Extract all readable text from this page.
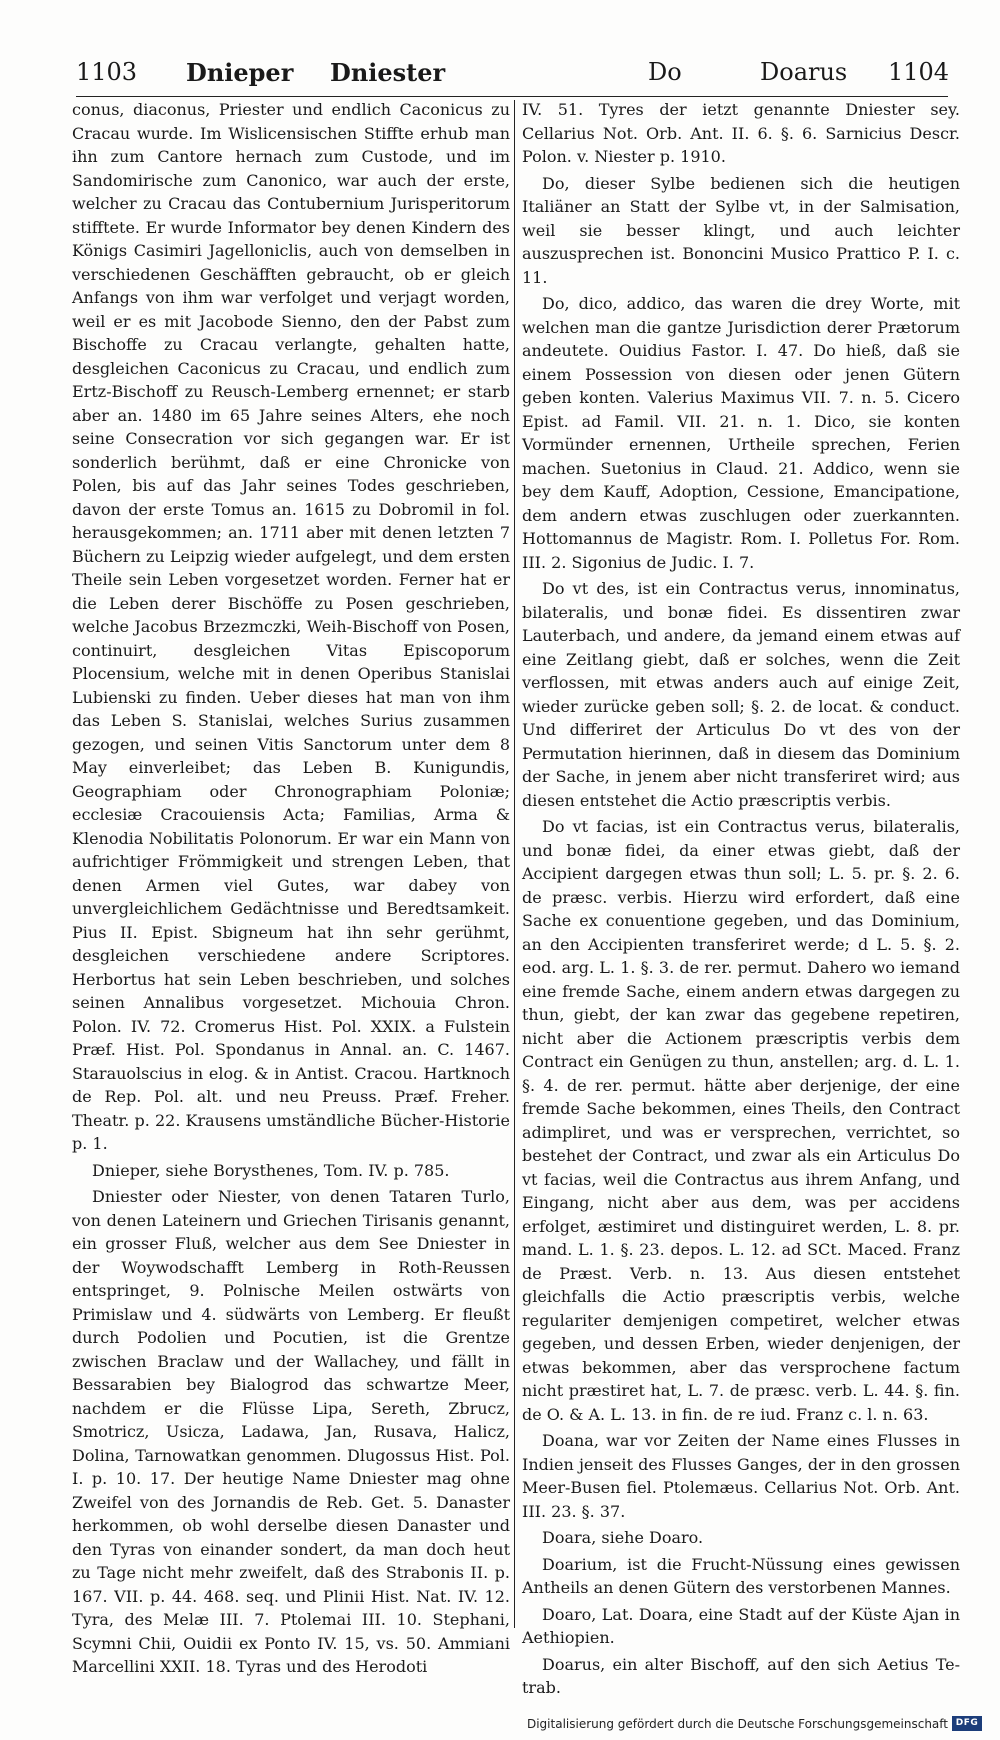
1103 Dnieper Dniester	Do	Doarus 1104

conus, diaconus, Priester und endlich Caconicus zu Cracau wurde. Im Wislicensischen Stiffte erhub man ihn zum Cantore hernach zum Custode, und im Sandomirische zum Canonico, war auch der erste, welcher zu Cracau das Contubernium Jurisperitorum stifftete. Er wurde Informator bey denen Kindern des Königs Casimiri Jagelloniclis, auch von demselben in verschiedenen Geschäfften gebraucht, ob er gleich Anfangs von ihm war verfolget und verjagt worden, weil er es mit Jacobode Sienno, den der Pabst zum Bischoffe zu Cracau verlangte, gehalten hatte, desgleichen Caconicus zu Cracau, und endlich zum Ertz-Bischoff zu Reusch-Lemberg ernennet; er starb aber an. 1480 im 65 Jahre seines Alters, ehe noch seine Consecration vor sich gegangen war. Er ist sonderlich berühmt, daß er eine Chronicke von Polen, bis auf das Jahr seines Todes geschrieben, davon der erste Tomus an. 1615 zu Dobromil in fol. herausgekommen; an. 1711 aber mit denen letzten 7 Büchern zu Leipzig wieder aufgelegt, und dem ersten Theile sein Leben vorgesetzet worden. Ferner hat er die Leben derer Bischöffe zu Posen geschrieben, welche Jacobus Brzezmczki, Weih-Bischoff von Posen, continuirt, desgleichen Vitas Episcoporum Plocensium, welche mit in denen Operibus Stanislai Lubienski zu finden. Ueber dieses hat man von ihm das Leben S. Stanislai, welches Surius zusammen gezogen, und seinen Vitis Sanctorum unter dem 8 May einverleibet; das Leben B. Kunigundis, Geographiam oder Chronographiam Poloniæ; ecclesiæ Cracouiensis Acta; Familias, Arma & Klenodia Nobilitatis Polonorum. Er war ein Mann von aufrichtiger Frömmigkeit und strengen Leben, that denen Armen viel Gutes, war dabey von unvergleichlichem Gedächtnisse und Beredtsamkeit. Pius II. Epist. Sbigneum hat ihn sehr gerühmt, desgleichen verschiedene andere Scriptores. Herbortus hat sein Leben beschrieben, und solches seinen Annalibus vorgesetzet. Michouia Chron. Polon. IV. 72. Cromerus Hist. Pol. XXIX. a Fulstein Præf. Hist. Pol. Spondanus in Annal. an. C. 1467. Starauolscius in elog. & in Antist. Cracou. Hartknoch de Rep. Pol. alt. und neu Preuss. Præf. Freher. Theatr. p. 22. Krausens umständliche Bücher-Historie p. 1.

Dnieper, siehe Borysthenes, Tom. IV. p. 785.

Dniester oder Niester, von denen Tataren Turlo, von denen Lateinern und Griechen Tirisanis genannt, ein grosser Fluß, welcher aus dem See Dniester in der Woywodschafft Lemberg in Roth-Reussen entspringet, 9. Polnische Meilen ostwärts von Primislaw und 4. südwärts von Lemberg. Er fleußt durch Podolien und Pocutien, ist die Grentze zwischen Braclaw und der Wallachey, und fällt in Bessarabien bey Bialogrod das schwartze Meer, nachdem er die Flüsse Lipa, Sereth, Zbrucz, Smotricz, Usicza, Ladawa, Jan, Rusava, Halicz, Dolina, Tarnowatkan genommen. Dlugossus Hist. Pol. I. p. 10. 17. Der heutige Name Dniester mag ohne Zweifel von des Jornandis de Reb. Get. 5. Danaster herkommen, ob wohl derselbe diesen Danaster und den Tyras von einander sondert, da man doch heut zu Tage nicht mehr zweifelt, daß des Strabonis II. p. 167. VII. p. 44. 468. seq. und Plinii Hist. Nat. IV. 12. Tyra, des Melæ III. 7. Ptolemai III. 10. Stephani, Scymni Chii, Ouidii ex Ponto IV. 15, vs. 50. Ammiani Marcellini XXII. 18. Tyras und des Herodoti

IV. 51. Tyres der ietzt genannte Dniester sey. Cellarius Not. Orb. Ant. II. 6. §. 6. Sarnicius Descr. Polon. v. Niester p. 1910.

Do, dieser Sylbe bedienen sich die heutigen Italiäner an Statt der Sylbe vt, in der Salmisation, weil sie besser klingt, und auch leichter auszusprechen ist. Bononcini Musico Prattico P. I. c. 11.

Do, dico, addico, das waren die drey Worte, mit welchen man die gantze Jurisdiction derer Prætorum andeutete. Ouidius Fastor. I. 47. Do hieß, daß sie einem Possession von diesen oder jenen Gütern geben konten. Valerius Maximus VII. 7. n. 5. Cicero Epist. ad Famil. VII. 21. n. 1. Dico, sie konten Vormünder ernennen, Urtheile sprechen, Ferien machen. Suetonius in Claud. 21. Addico, wenn sie bey dem Kauff, Adoption, Cessione, Emancipatione, dem andern etwas zuschlugen oder zuerkannten. Hottomannus de Magistr. Rom. I. Polletus For. Rom. III. 2. Sigonius de Judic. I. 7.

Do vt des, ist ein Contractus verus, innominatus, bilateralis, und bonæ fidei. Es dissentiren zwar Lauterbach, und andere, da jemand einem etwas auf eine Zeitlang giebt, daß er solches, wenn die Zeit verflossen, mit etwas anders auch auf einige Zeit, wieder zurücke geben soll; §. 2. de locat. & conduct. Und differiret der Articulus Do vt des von der Permutation hierinnen, daß in diesem das Dominium der Sache, in jenem aber nicht transferiret wird; aus diesen entstehet die Actio præscriptis verbis.

Do vt facias, ist ein Contractus verus, bilateralis, und bonæ fidei, da einer etwas giebt, daß der Accipient dargegen etwas thun soll; L. 5. pr. §. 2. 6. de præsc. verbis. Hierzu wird erfordert, daß eine Sache ex conuentione gegeben, und das Dominium, an den Accipienten transferiret werde; d L. 5. §. 2. eod. arg. L. 1. §. 3. de rer. permut. Dahero wo iemand eine fremde Sache, einem andern etwas dargegen zu thun, giebt, der kan zwar das gegebene repetiren, nicht aber die Actionem præscriptis verbis dem Contract ein Genügen zu thun, anstellen; arg. d. L. 1. §. 4. de rer. permut. hätte aber derjenige, der eine fremde Sache bekommen, eines Theils, den Contract adimpliret, und was er versprechen, verrichtet, so bestehet der Contract, und zwar als ein Articulus Do vt facias, weil die Contractus aus ihrem Anfang, und Eingang, nicht aber aus dem, was per accidens erfolget, æstimiret und distinguiret werden, L. 8. pr. mand. L. 1. §. 23. depos. L. 12. ad SCt. Maced. Franz de Præst. Verb. n. 13. Aus diesen entstehet gleichfalls die Actio præscriptis verbis, welche regulariter demjenigen competiret, welcher etwas gegeben, und dessen Erben, wieder denjenigen, der etwas bekommen, aber das versprochene factum nicht præstiret hat, L. 7. de præsc. verb. L. 44. §. fin. de O. & A. L. 13. in fin. de re iud. Franz c. l. n. 63.

Doana, war vor Zeiten der Name eines Flusses in Indien jenseit des Flusses Ganges, der in den grossen Meer-Busen fiel. Ptolemæus. Cellarius Not. Orb. Ant. III. 23. §. 37.

Doara, siehe Doaro.

Doarium, ist die Frucht-Nüssung eines gewissen Antheils an denen Gütern des verstorbenen Mannes.

Doaro, Lat. Doara, eine Stadt auf der Küste Ajan in Aethiopien.

Doarus, ein alter Bischoff, auf den sich Aetius Te-trab.

Digitalisierung gefördert durch die Deutsche Forschungsgemeinschaft DFG
